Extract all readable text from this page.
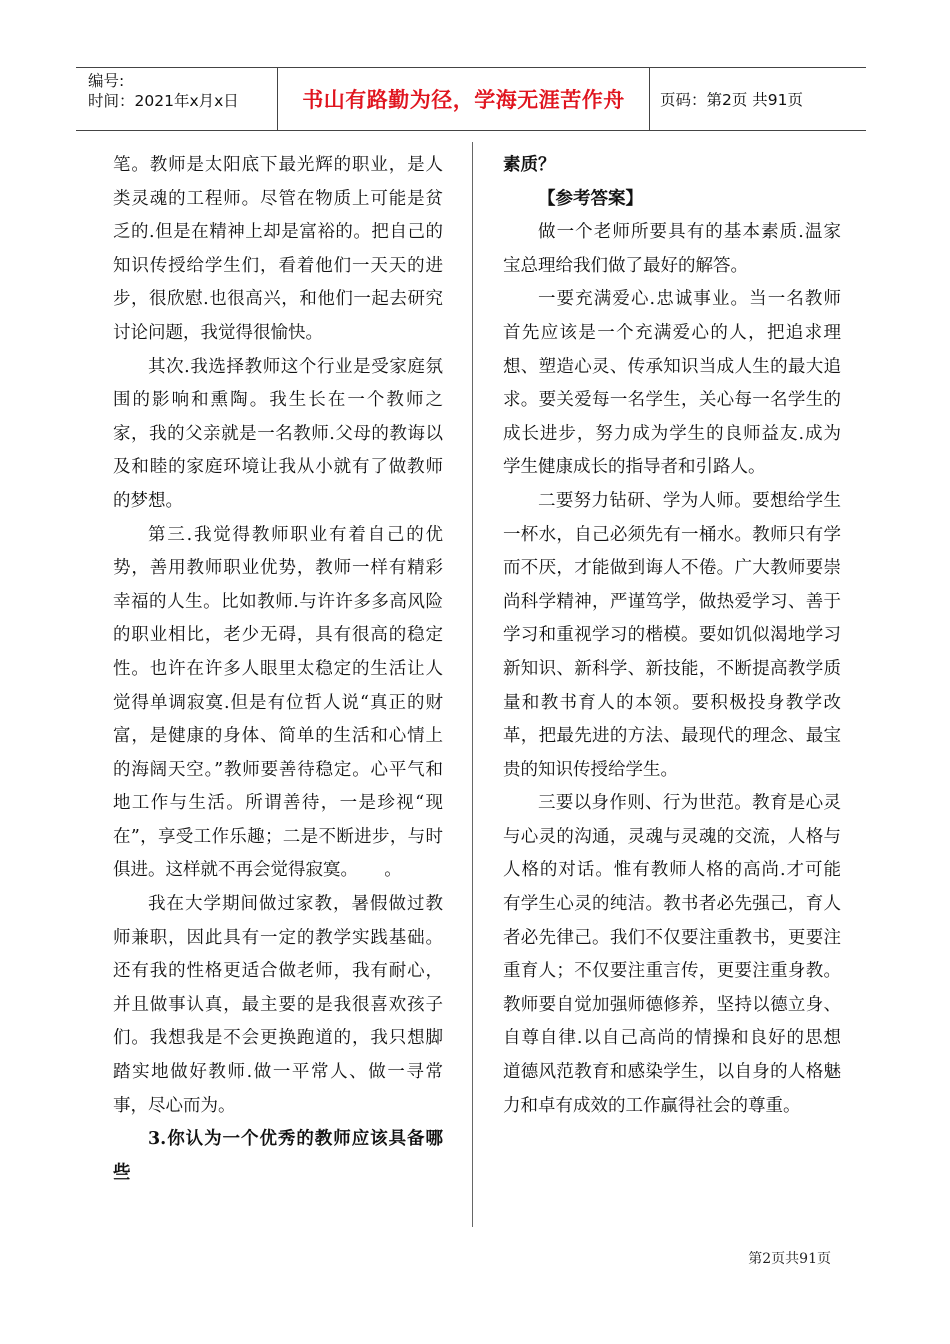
编号:
时间：2021年x月x日	书山有路勤为径，学海无涯苦作舟	页码：第2页 共91页

笔。教师是太阳底下最光辉的职业，是人类灵魂的工程师。尽管在物质上可能是贫乏的.但是在精神上却是富裕的。把自己的知识传授给学生们，看着他们一天天的进步，很欣慰.也很高兴，和他们一起去研究讨论问题，我觉得很愉快。

其次.我选择教师这个行业是受家庭氛围的影响和熏陶。我生长在一个教师之家，我的父亲就是一名教师.父母的教诲以及和睦的家庭环境让我从小就有了做教师的梦想。

第三.我觉得教师职业有着自己的优势，善用教师职业优势，教师一样有精彩幸福的人生。比如教师.与许许多多高风险的职业相比，老少无碍，具有很高的稳定性。也许在许多人眼里太稳定的生活让人觉得单调寂寞.但是有位哲人说“真正的财富，是健康的身体、简单的生活和心情上的海阔天空。”教师要善待稳定。心平气和地工作与生活。所谓善待，一是珍视“现在”，享受工作乐趣；二是不断进步，与时俱进。这样就不再会觉得寂寞。　　。

我在大学期间做过家教，暑假做过教师兼职，因此具有一定的教学实践基础。还有我的性格更适合做老师，我有耐心，并且做事认真，最主要的是我很喜欢孩子们。我想我是不会更换跑道的，我只想脚踏实地做好教师.做一平常人、做一寻常事，尽心而为。

3.你认为一个优秀的教师应该具备哪些

素质？

【参考答案】

做一个老师所要具有的基本素质.温家宝总理给我们做了最好的解答。

一要充满爱心.忠诚事业。当一名教师首先应该是一个充满爱心的人，把追求理想、塑造心灵、传承知识当成人生的最大追求。要关爱每一名学生，关心每一名学生的成长进步，努力成为学生的良师益友.成为学生健康成长的指导者和引路人。

二要努力钻研、学为人师。要想给学生一杯水，自己必须先有一桶水。教师只有学而不厌，才能做到诲人不倦。广大教师要崇尚科学精神，严谨笃学，做热爱学习、善于学习和重视学习的楷模。要如饥似渴地学习新知识、新科学、新技能，不断提高教学质量和教书育人的本领。要积极投身教学改革，把最先进的方法、最现代的理念、最宝贵的知识传授给学生。

三要以身作则、行为世范。教育是心灵与心灵的沟通，灵魂与灵魂的交流，人格与人格的对话。惟有教师人格的高尚.才可能有学生心灵的纯洁。教书者必先强己，育人者必先律己。我们不仅要注重教书，更要注重育人；不仅要注重言传，更要注重身教。教师要自觉加强师德修养，坚持以德立身、自尊自律.以自己高尚的情操和良好的思想道德风范教育和感染学生，以自身的人格魅力和卓有成效的工作赢得社会的尊重。

第2页共91页
